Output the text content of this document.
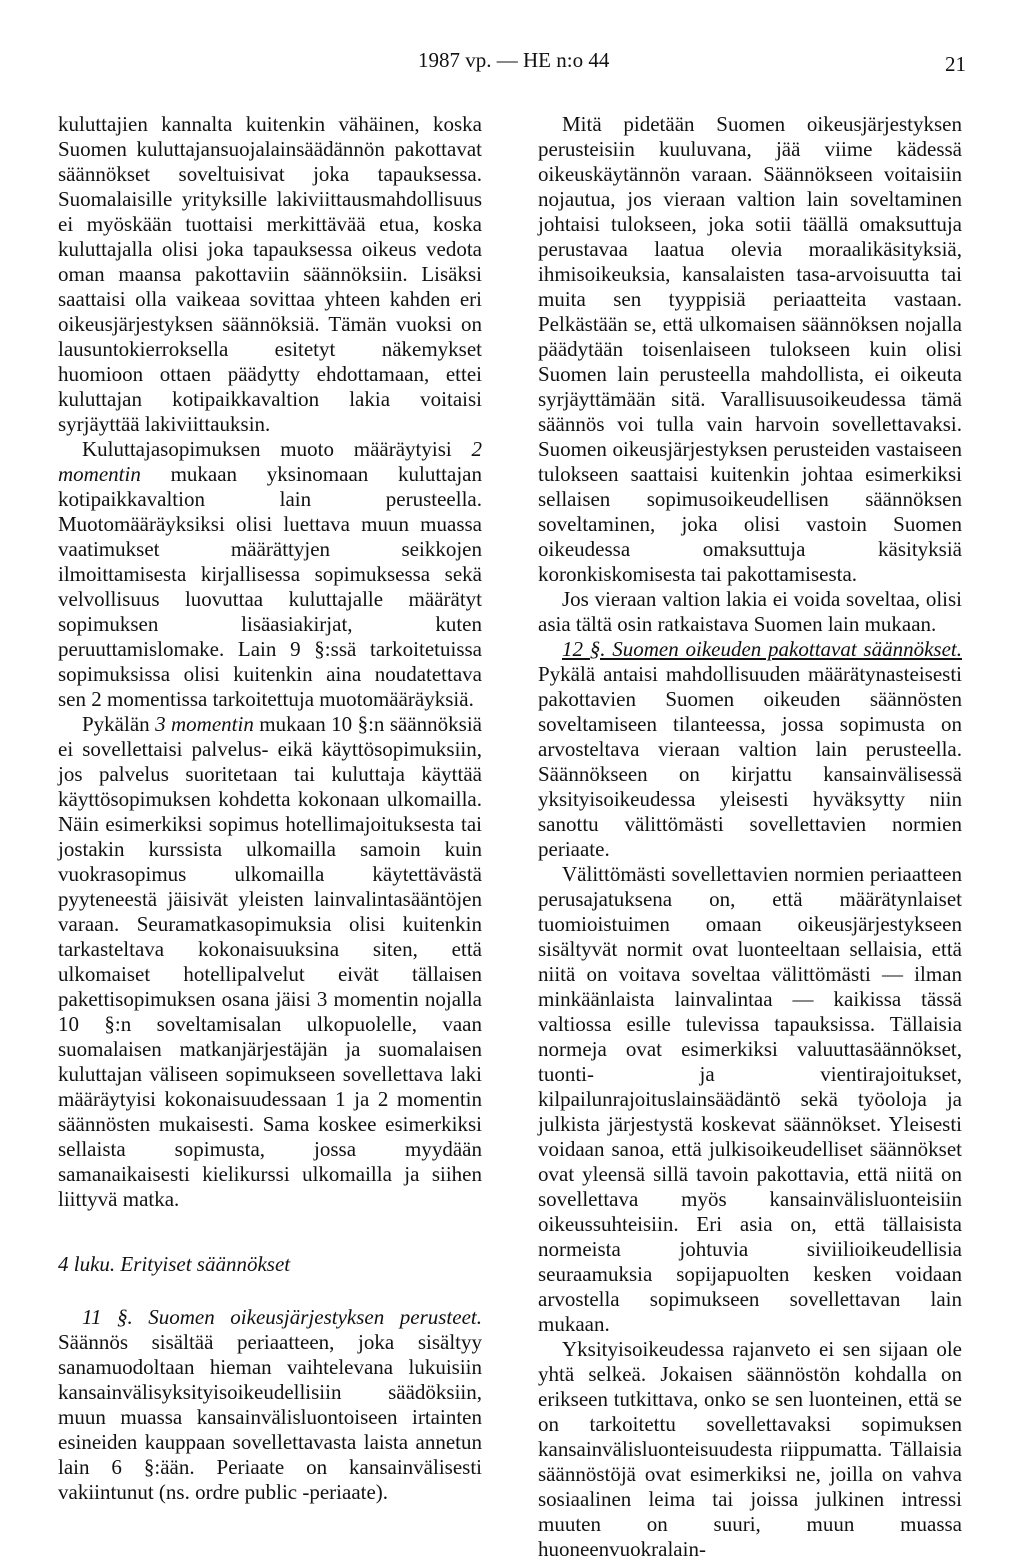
1987 vp. — HE n:o 44	21

kuluttajien kannalta kuitenkin vähäinen, koska Suomen kuluttajansuojalainsäädännön pakottavat säännökset soveltuisivat joka tapauksessa. Suomalaisille yrityksille lakiviittausmahdollisuus ei myöskään tuottaisi merkittävää etua, koska kuluttajalla olisi joka tapauksessa oikeus vedota oman maansa pakottaviin säännöksiin. Lisäksi saattaisi olla vaikeaa sovittaa yhteen kahden eri oikeusjärjestyksen säännöksiä. Tämän vuoksi on lausuntokierroksella esitetyt näkemykset huomioon ottaen päädytty ehdottamaan, ettei kuluttajan kotipaikkavaltion lakia voitaisi syrjäyttää lakiviittauksin.

Kuluttajasopimuksen muoto määräytyisi 2 momentin mukaan yksinomaan kuluttajan kotipaikkavaltion lain perusteella. Muotomääräyksiksi olisi luettava muun muassa vaatimukset määrättyjen seikkojen ilmoittamisesta kirjallisessa sopimuksessa sekä velvollisuus luovuttaa kuluttajalle määrätyt sopimuksen lisäasiakirjat, kuten peruuttamislomake. Lain 9 §:ssä tarkoitetuissa sopimuksissa olisi kuitenkin aina noudatettava sen 2 momentissa tarkoitettuja muotomääräyksiä.

Pykälän 3 momentin mukaan 10 §:n säännöksiä ei sovellettaisi palvelus- eikä käyttösopimuksiin, jos palvelus suoritetaan tai kuluttaja käyttää käyttösopimuksen kohdetta kokonaan ulkomailla. Näin esimerkiksi sopimus hotellimajoituksesta tai jostakin kurssista ulkomailla samoin kuin vuokrasopimus ulkomailla käytettävästä pyyteneestä jäisivät yleisten lainvalintasääntöjen varaan. Seuramatkasopimuksia olisi kuitenkin tarkasteltava kokonaisuuksina siten, että ulkomaiset hotellipalvelut eivät tällaisen pakettisopimuksen osana jäisi 3 momentin nojalla 10 §:n soveltamisalan ulkopuolelle, vaan suomalaisen matkanjärjestäjän ja suomalaisen kuluttajan väliseen sopimukseen sovellettava laki määräytyisi kokonaisuudessaan 1 ja 2 momentin säännösten mukaisesti. Sama koskee esimerkiksi sellaista sopimusta, jossa myydään samanaikaisesti kielikurssi ulkomailla ja siihen liittyvä matka.

4 luku. Erityiset säännökset

11 §. Suomen oikeusjärjestyksen perusteet. Säännös sisältää periaatteen, joka sisältyy sanamuodoltaan hieman vaihtelevana lukuisiin kansainvälisyksityisoikeudellisiin säädöksiin, muun muassa kansainvälisluontoiseen irtainten esineiden kauppaan sovellettavasta laista annetun lain 6 §:ään. Periaate on kansainvälisesti vakiintunut (ns. ordre public -periaate).

Mitä pidetään Suomen oikeusjärjestyksen perusteisiin kuuluvana, jää viime kädessä oikeuskäytännön varaan. Säännökseen voitaisiin nojautua, jos vieraan valtion lain soveltaminen johtaisi tulokseen, joka sotii täällä omaksuttuja perustavaa laatua olevia moraalikäsityksiä, ihmisoikeuksia, kansalaisten tasa-arvoisuutta tai muita sen tyyppisiä periaatteita vastaan. Pelkästään se, että ulkomaisen säännöksen nojalla päädytään toisenlaiseen tulokseen kuin olisi Suomen lain perusteella mahdollista, ei oikeuta syrjäyttämään sitä. Varallisuusoikeudessa tämä säännös voi tulla vain harvoin sovellettavaksi. Suomen oikeusjärjestyksen perusteiden vastaiseen tulokseen saattaisi kuitenkin johtaa esimerkiksi sellaisen sopimusoikeudellisen säännöksen soveltaminen, joka olisi vastoin Suomen oikeudessa omaksuttuja käsityksiä koronkiskomisesta tai pakottamisesta.

Jos vieraan valtion lakia ei voida soveltaa, olisi asia tältä osin ratkaistava Suomen lain mukaan.

12 §. Suomen oikeuden pakottavat säännökset. Pykälä antaisi mahdollisuuden määrätynasteisesti pakottavien Suomen oikeuden säännösten soveltamiseen tilanteessa, jossa sopimusta on arvosteltava vieraan valtion lain perusteella. Säännökseen on kirjattu kansainvälisessä yksityisoikeudessa yleisesti hyväksytty niin sanottu välittömästi sovellettavien normien periaate.

Välittömästi sovellettavien normien periaatteen perusajatuksena on, että määrätynlaiset tuomioistuimen omaan oikeusjärjestykseen sisältyvät normit ovat luonteeltaan sellaisia, että niitä on voitava soveltaa välittömästi — ilman minkäänlaista lainvalintaa — kaikissa tässä valtiossa esille tulevissa tapauksissa. Tällaisia normeja ovat esimerkiksi valuuttasäännökset, tuonti- ja vientirajoitukset, kilpailunrajoituslainsäädäntö sekä työoloja ja julkista järjestystä koskevat säännökset. Yleisesti voidaan sanoa, että julkisoikeudelliset säännökset ovat yleensä sillä tavoin pakottavia, että niitä on sovellettava myös kansainvälisluonteisiin oikeussuhteisiin. Eri asia on, että tällaisista normeista johtuvia siviilioikeudellisia seuraamuksia sopijapuolten kesken voidaan arvostella sopimukseen sovellettavan lain mukaan.

Yksityisoikeudessa rajanveto ei sen sijaan ole yhtä selkeä. Jokaisen säännöstön kohdalla on erikseen tutkittava, onko se sen luonteinen, että se on tarkoitettu sovellettavaksi sopimuksen kansainvälisluonteisuudesta riippumatta. Tällaisia säännöstöjä ovat esimerkiksi ne, joilla on vahva sosiaalinen leima tai joissa julkinen intressi muuten on suuri, muun muassa huoneenvuokralain-
